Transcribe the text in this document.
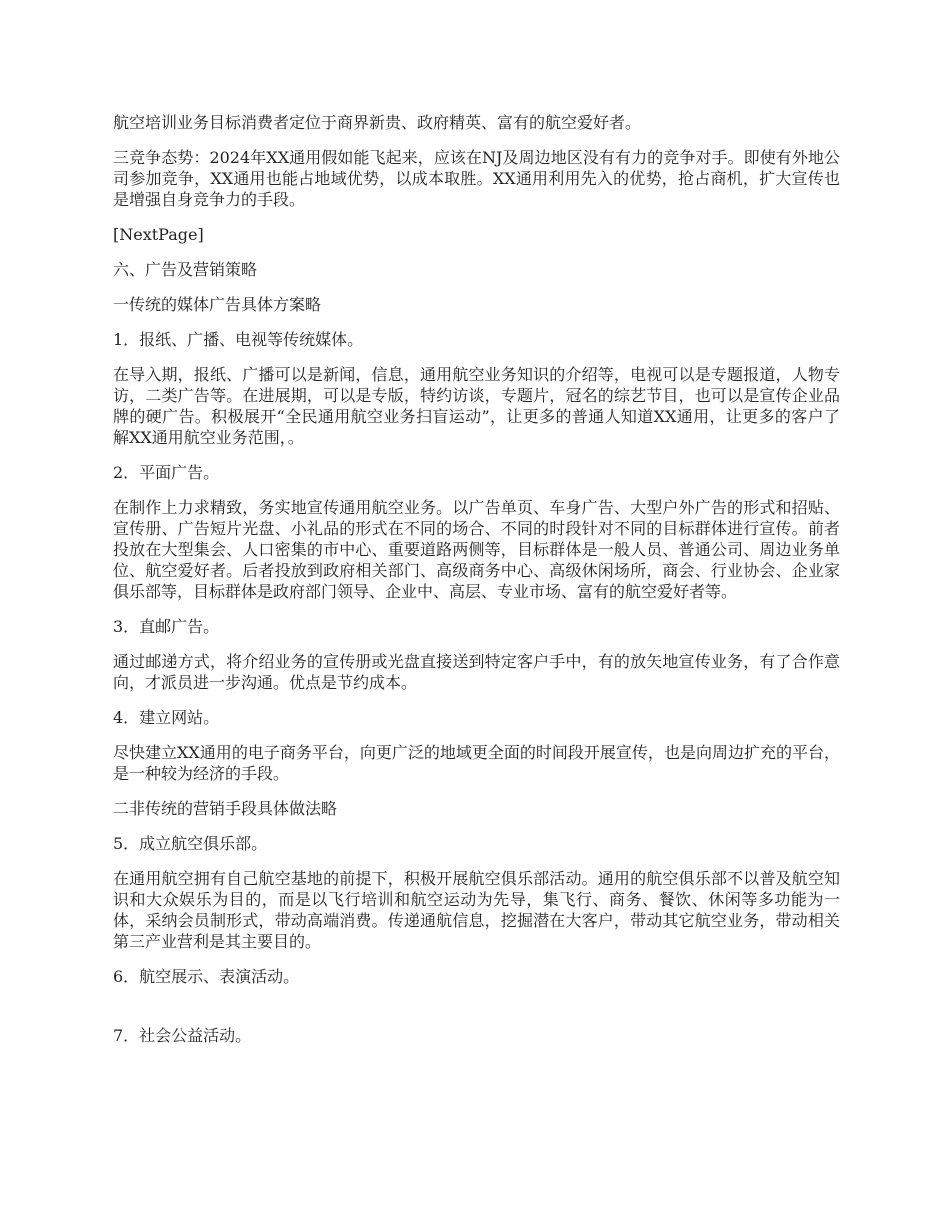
航空培训业务目标消费者定位于商界新贵、政府精英、富有的航空爱好者。

三竞争态势：2024年XX通用假如能飞起来，应该在NJ及周边地区没有有力的竞争对手。即使有外地公司参加竞争，XX通用也能占地域优势，以成本取胜。XX通用利用先入的优势，抢占商机，扩大宣传也是增强自身竞争力的手段。

[NextPage]

六、广告及营销策略

一传统的媒体广告具体方案略

1．报纸、广播、电视等传统媒体。

在导入期，报纸、广播可以是新闻，信息，通用航空业务知识的介绍等，电视可以是专题报道，人物专访，二类广告等。在进展期，可以是专版，特约访谈，专题片，冠名的综艺节目，也可以是宣传企业品牌的硬广告。积极展开“全民通用航空业务扫盲运动”，让更多的普通人知道XX通用，让更多的客户了解XX通用航空业务范围，。

2．平面广告。

在制作上力求精致，务实地宣传通用航空业务。以广告单页、车身广告、大型户外广告的形式和招贴、宣传册、广告短片光盘、小礼品的形式在不同的场合、不同的时段针对不同的目标群体进行宣传。前者投放在大型集会、人口密集的市中心、重要道路两侧等，目标群体是一般人员、普通公司、周边业务单位、航空爱好者。后者投放到政府相关部门、高级商务中心、高级休闲场所，商会、行业协会、企业家俱乐部等，目标群体是政府部门领导、企业中、高层、专业市场、富有的航空爱好者等。

3．直邮广告。

通过邮递方式，将介绍业务的宣传册或光盘直接送到特定客户手中，有的放矢地宣传业务，有了合作意向，才派员进一步沟通。优点是节约成本。

4．建立网站。

尽快建立XX通用的电子商务平台，向更广泛的地域更全面的时间段开展宣传，也是向周边扩充的平台，是一种较为经济的手段。

二非传统的营销手段具体做法略

5．成立航空俱乐部。

在通用航空拥有自己航空基地的前提下，积极开展航空俱乐部活动。通用的航空俱乐部不以普及航空知识和大众娱乐为目的，而是以飞行培训和航空运动为先导，集飞行、商务、餐饮、休闲等多功能为一体，采纳会员制形式，带动高端消费。传递通航信息，挖掘潜在大客户，带动其它航空业务，带动相关第三产业营利是其主要目的。

6．航空展示、表演活动。

7．社会公益活动。
